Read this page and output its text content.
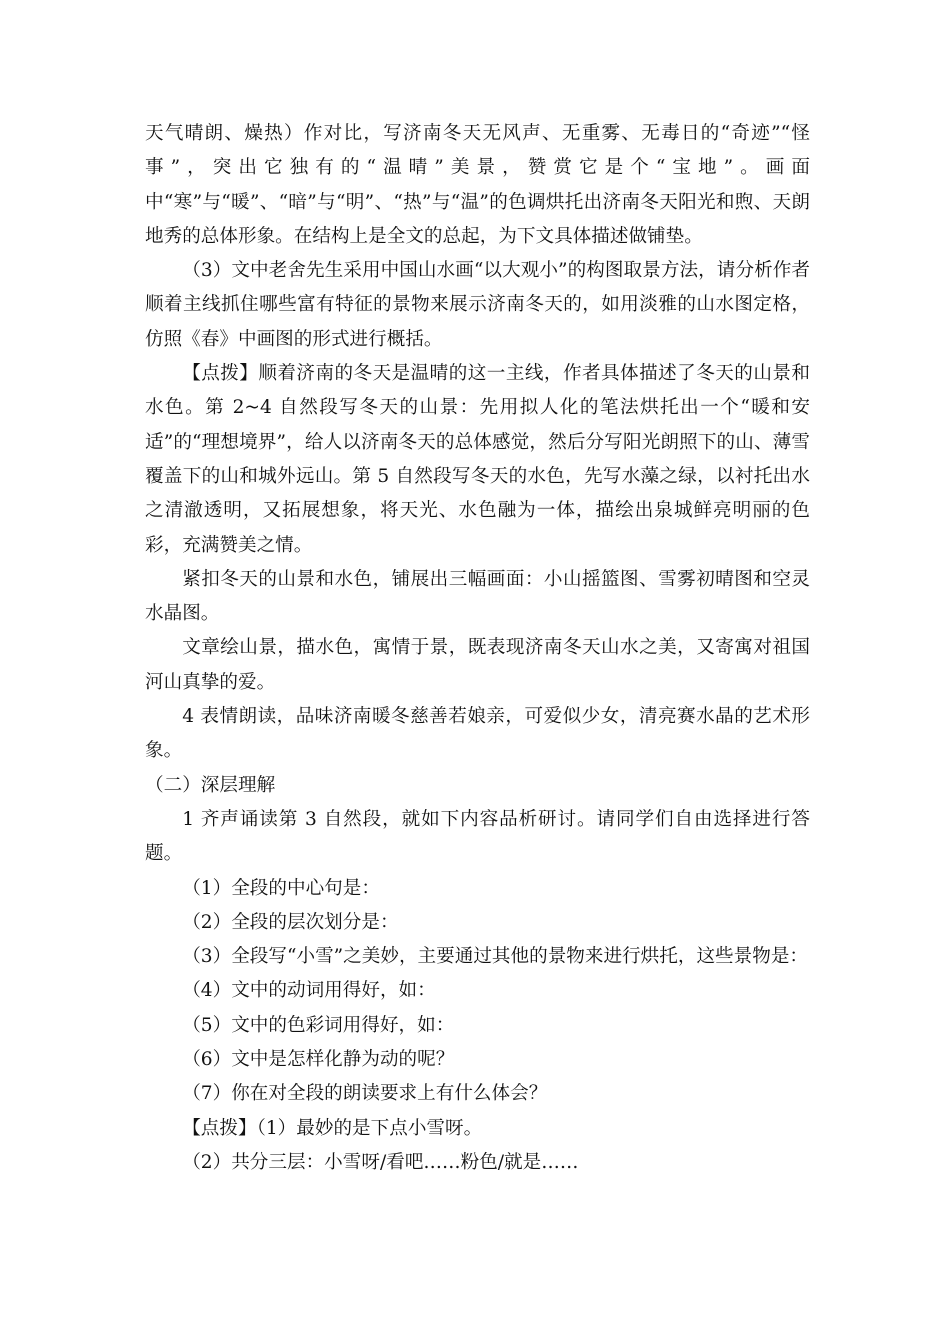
天气晴朗、燥热）作对比，写济南冬天无风声、无重雾、无毒日的“奇迹”“怪事”，突出它独有的“温晴”美景，赞赏它是个“宝地”。画面中“寒”与“暖”、“暗”与“明”、“热”与“温”的色调烘托出济南冬天阳光和煦、天朗地秀的总体形象。在结构上是全文的总起，为下文具体描述做铺垫。

（3）文中老舍先生采用中国山水画“以大观小”的构图取景方法，请分析作者顺着主线抓住哪些富有特征的景物来展示济南冬天的，如用淡雅的山水图定格，仿照《春》中画图的形式进行概括。

【点拨】顺着济南的冬天是温晴的这一主线，作者具体描述了冬天的山景和水色。第 2~4 自然段写冬天的山景：先用拟人化的笔法烘托出一个“暖和安适”的“理想境界”，给人以济南冬天的总体感觉，然后分写阳光朗照下的山、薄雪覆盖下的山和城外远山。第 5 自然段写冬天的水色，先写水藻之绿，以衬托出水之清澈透明，又拓展想象，将天光、水色融为一体，描绘出泉城鲜亮明丽的色彩，充满赞美之情。

紧扣冬天的山景和水色，铺展出三幅画面：小山摇篮图、雪雾初晴图和空灵水晶图。

文章绘山景，描水色，寓情于景，既表现济南冬天山水之美，又寄寓对祖国河山真挚的爱。

4 表情朗读，品味济南暖冬慈善若娘亲，可爱似少女，清亮赛水晶的艺术形象。

（二）深层理解

1 齐声诵读第 3 自然段，就如下内容品析研讨。请同学们自由选择进行答题。

（1）全段的中心句是：

（2）全段的层次划分是：

（3）全段写“小雪”之美妙，主要通过其他的景物来进行烘托，这些景物是：

（4）文中的动词用得好，如：

（5）文中的色彩词用得好，如：

（6）文中是怎样化静为动的呢？

（7）你在对全段的朗读要求上有什么体会？

【点拨】（1）最妙的是下点小雪呀。

（2）共分三层：小雪呀/看吧……粉色/就是……
